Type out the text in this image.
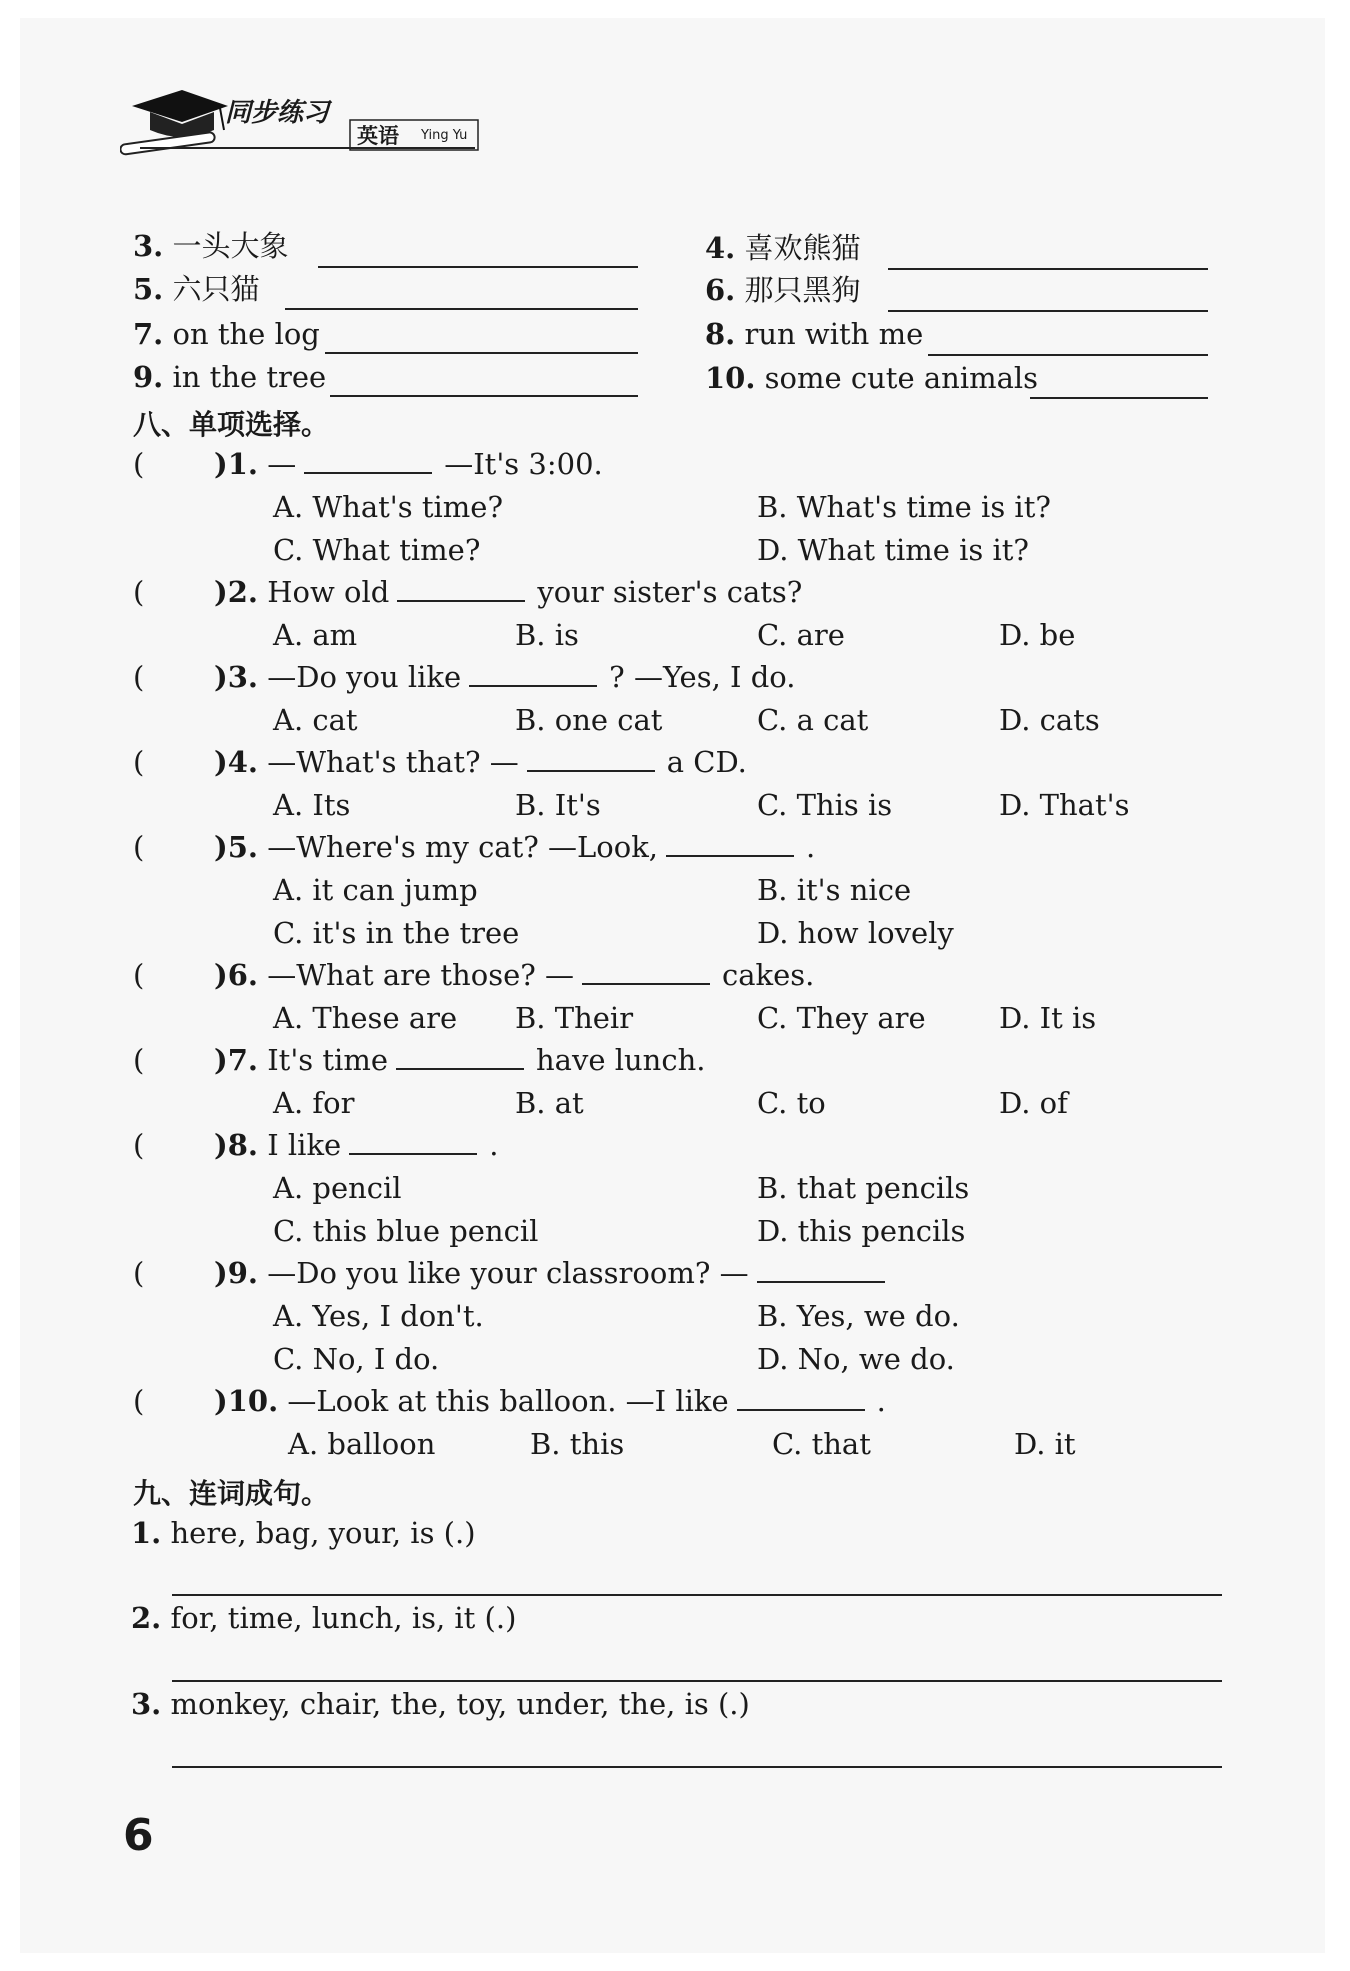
同步练习
英语 Ying Yu
3. 一头大象	4. 喜欢熊猫
5. 六只猫	6. 那只黑狗
7. on the log	8. run with me
9. in the tree	10. some cute animals
八、单项选择。
( )1. —	—It's 3:00.
A. What's time?	B. What's time is it?
C. What time?	D. What time is it?
( )2. How old	your sister's cats?
A. am	B. is	C. are	D. be
( )3. —Do you like	? —Yes, I do.
A. cat	B. one cat	C. a cat	D. cats
( )4. —What's that? —	a CD.
A. Its	B. It's	C. This is	D. That's
( )5. —Where's my cat? —Look,	.
A. it can jump	B. it's nice
C. it's in the tree	D. how lovely
( )6. —What are those? —	cakes.
A. These are B. Their	C. They are	D. It is
( )7. It's time	have lunch.
A. for	B. at	C. to	D. of
( )8. I like	.
A. pencil	B. that pencils
C. this blue pencil	D. this pencils
( )9. —Do you like your classroom? —
A. Yes, I don't.	B. Yes, we do.
C. No, I do.	D. No, we do.
( )10. —Look at this balloon. —I like	.
A. balloon	B. this	C. that	D. it
九、连词成句。
1. here, bag, your, is (.)
2. for, time, lunch, is, it (.)
3. monkey, chair, the, toy, under, the, is (.)
6
